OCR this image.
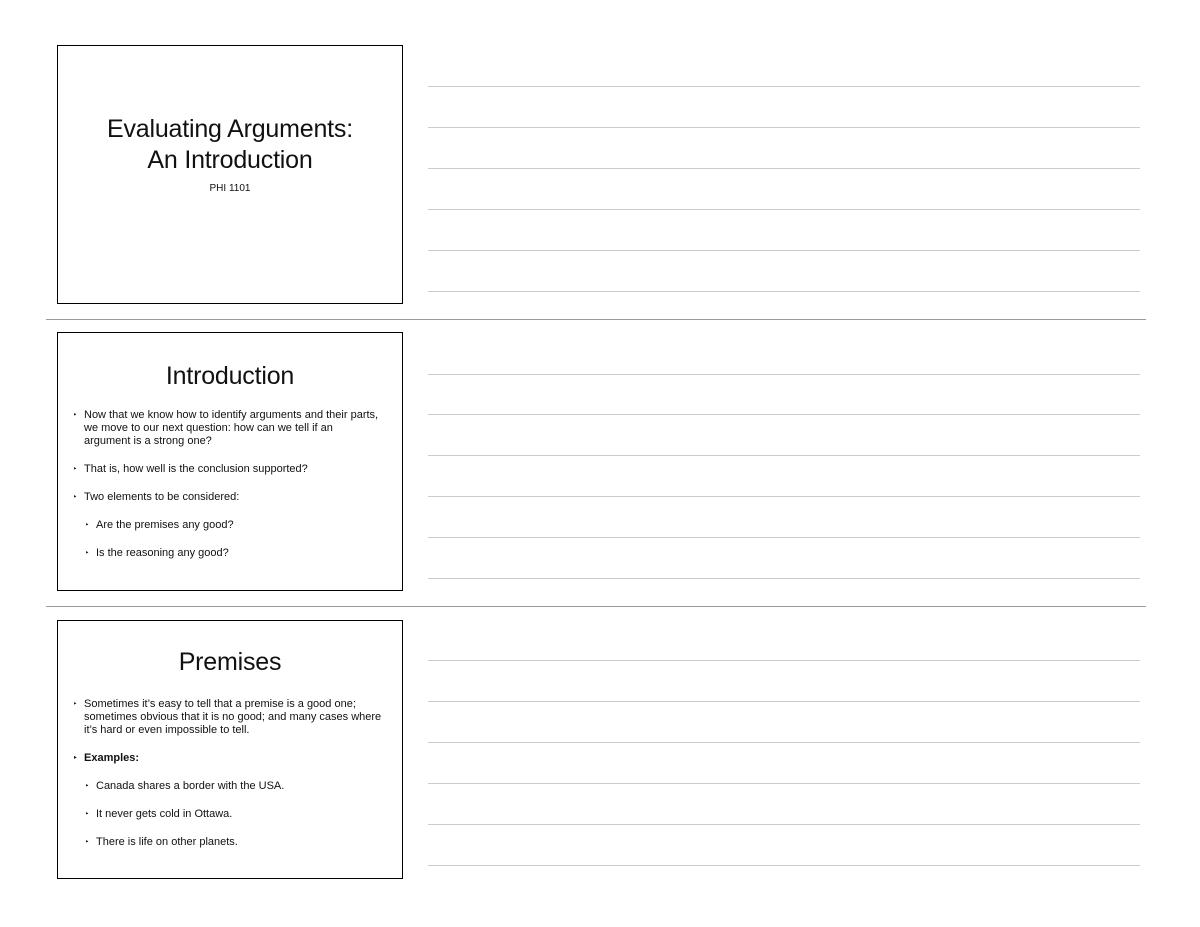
Evaluating Arguments:
An Introduction
PHI 1101
Introduction
‣ Now that we know how to identify arguments and their parts, we move to our next question: how can we tell if an argument is a strong one?
‣ That is, how well is the conclusion supported?
‣ Two elements to be considered:
‣ Are the premises any good?
‣ Is the reasoning any good?
Premises
‣ Sometimes it’s easy to tell that a premise is a good one; sometimes obvious that it is no good; and many cases where it’s hard or even impossible to tell.
‣ Examples:
‣ Canada shares a border with the USA.
‣ It never gets cold in Ottawa.
‣ There is life on other planets.
